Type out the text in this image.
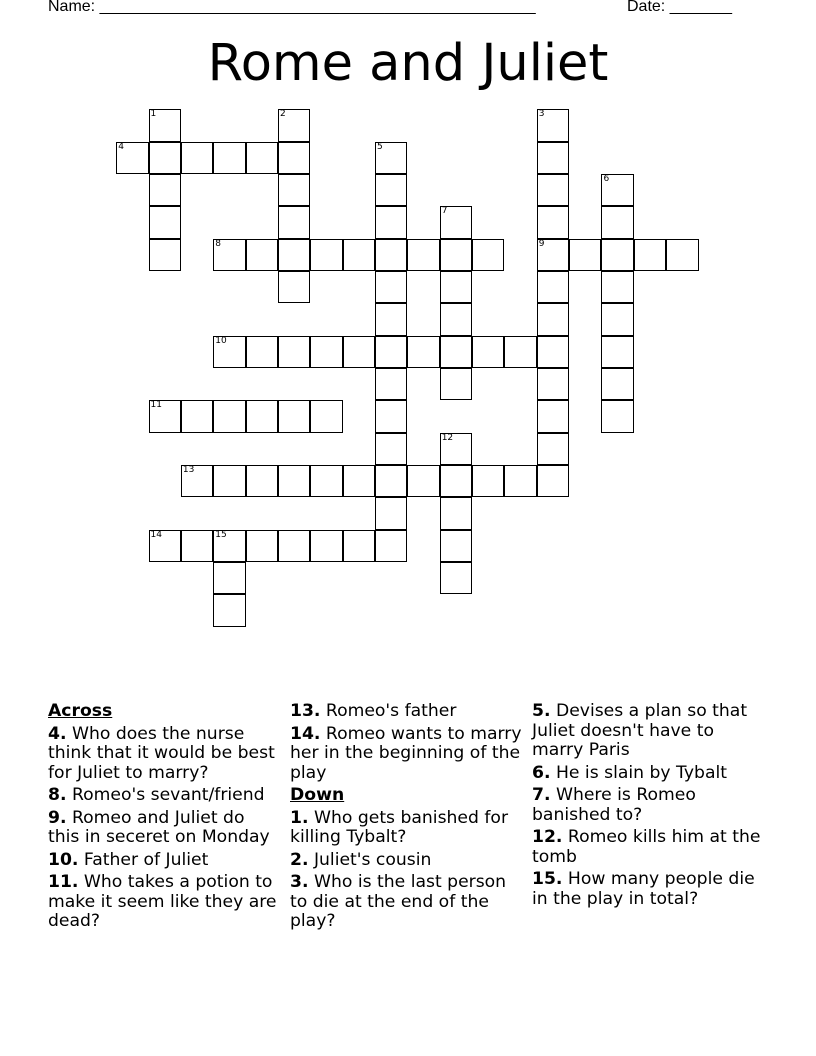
Name: _________________________________________________	Date: _______
Rome and Juliet
1	2	3
9
4	5
6
7
8
10
11
12
13
14	15
Across
4. Who does the nurse think that it would be best for Juliet to marry?
8. Romeo's sevant/friend
9. Romeo and Juliet do this in seceret on Monday
10. Father of Juliet
11. Who takes a potion to make it seem like they are dead?
13. Romeo's father
14. Romeo wants to marry her in the beginning of the play
Down
1. Who gets banished for killing Tybalt?
2. Juliet's cousin
3. Who is the last person to die at the end of the play?
5. Devises a plan so that Juliet doesn't have to marry Paris
6. He is slain by Tybalt
7. Where is Romeo banished to?
12. Romeo kills him at the tomb
15. How many people die in the play in total?
